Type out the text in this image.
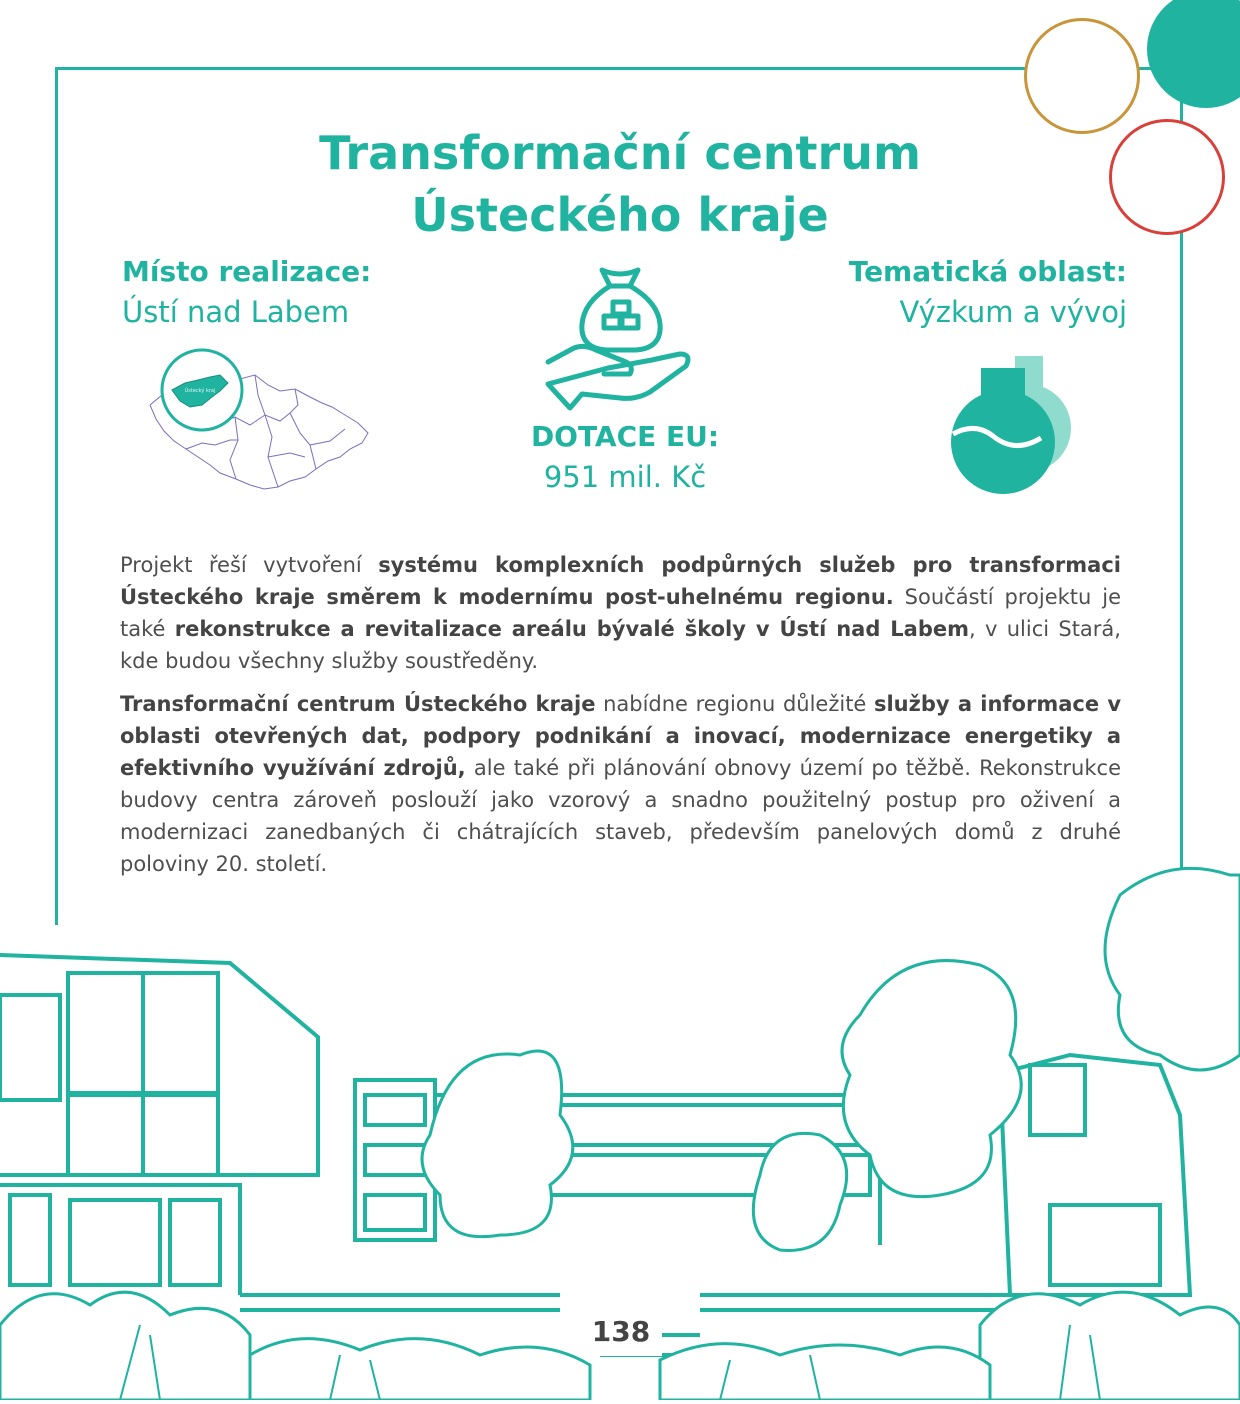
Transformační centrum
Ústeckého kraje
Místo realizace:
Ústí nad Labem
Tematická oblast:
Výzkum a vývoj
DOTACE EU:
951 mil. Kč
Ústecký kraj

Projekt řeší vytvoření systému komplexních podpůrných služeb pro transformaci Ústeckého kraje směrem k modernímu post-uhelnému regionu. Součástí projektu je také rekonstrukce a revitalizace areálu bývalé školy v Ústí nad Labem, v ulici Stará, kde budou všechny služby soustředěny.

Transformační centrum Ústeckého kraje nabídne regionu důležité služby a informace v oblasti otevřených dat, podpory podnikání a inovací, modernizace energetiky a efektivního využívání zdrojů, ale také při plánování obnovy území po těžbě. Rekonstrukce budovy centra zároveň poslouží jako vzorový a snadno použitelný postup pro oživení a modernizaci zanedbaných či chátrajících staveb, především panelových domů z druhé poloviny 20. století.

138
